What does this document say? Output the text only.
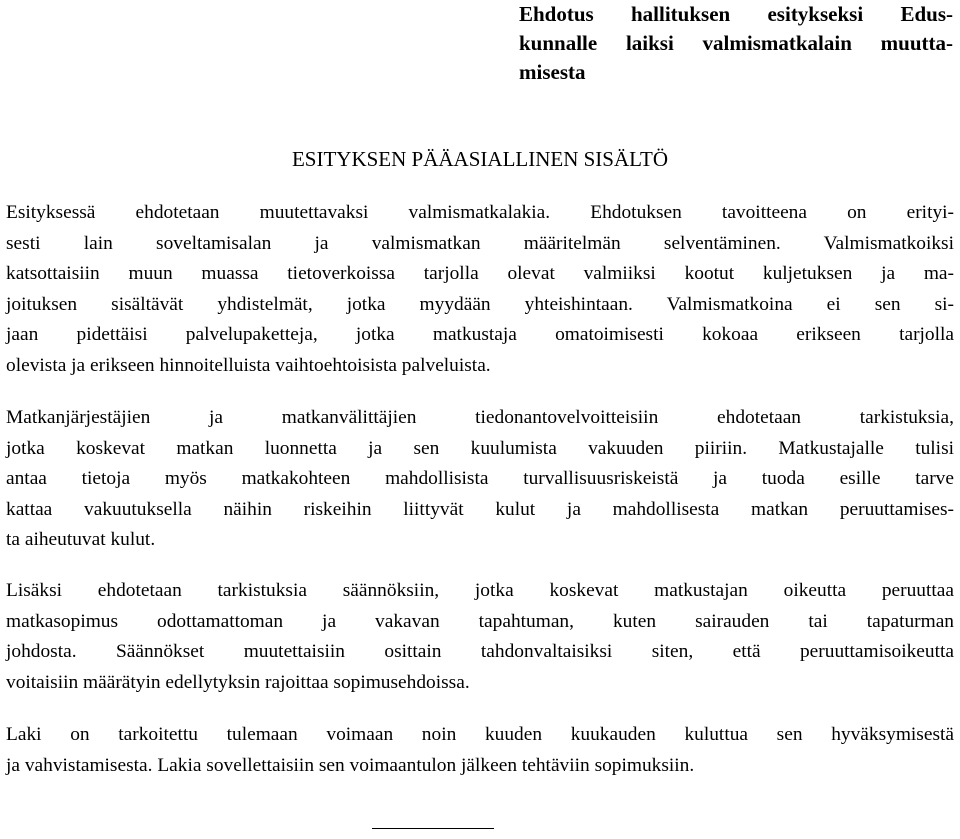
Ehdotus hallituksen esitykseksi Edus-
kunnalle laiksi valmismatkalain muutta-
misesta
ESITYKSEN PÄÄASIALLINEN SISÄLTÖ
Esityksessä ehdotetaan muutettavaksi valmismatkalakia. Ehdotuksen tavoitteena on erityi-
sesti lain soveltamisalan ja valmismatkan määritelmän selventäminen. Valmismatkoiksi
katsottaisiin muun muassa tietoverkoissa tarjolla olevat valmiiksi kootut kuljetuksen ja ma-
joituksen sisältävät yhdistelmät, jotka myydään yhteishintaan. Valmismatkoina ei sen si-
jaan pidettäisi palvelupaketteja, jotka matkustaja omatoimisesti kokoaa erikseen tarjolla
olevista ja erikseen hinnoitelluista vaihtoehtoisista palveluista.
Matkanjärjestäjien ja matkanvälittäjien tiedonantovelvoitteisiin ehdotetaan tarkistuksia,
jotka koskevat matkan luonnetta ja sen kuulumista vakuuden piiriin. Matkustajalle tulisi
antaa tietoja myös matkakohteen mahdollisista turvallisuusriskeistä ja tuoda esille tarve
kattaa vakuutuksella näihin riskeihin liittyvät kulut ja mahdollisesta matkan peruuttamises-
ta aiheutuvat kulut.
Lisäksi ehdotetaan tarkistuksia säännöksiin, jotka koskevat matkustajan oikeutta peruuttaa
matkasopimus odottamattoman ja vakavan tapahtuman, kuten sairauden tai tapaturman
johdosta. Säännökset muutettaisiin osittain tahdonvaltaisiksi siten, että peruuttamisoikeutta
voitaisiin määrätyin edellytyksin rajoittaa sopimusehdoissa.
Laki on tarkoitettu tulemaan voimaan noin kuuden kuukauden kuluttua sen hyväksymisestä
ja vahvistamisesta. Lakia sovellettaisiin sen voimaantulon jälkeen tehtäviin sopimuksiin.
